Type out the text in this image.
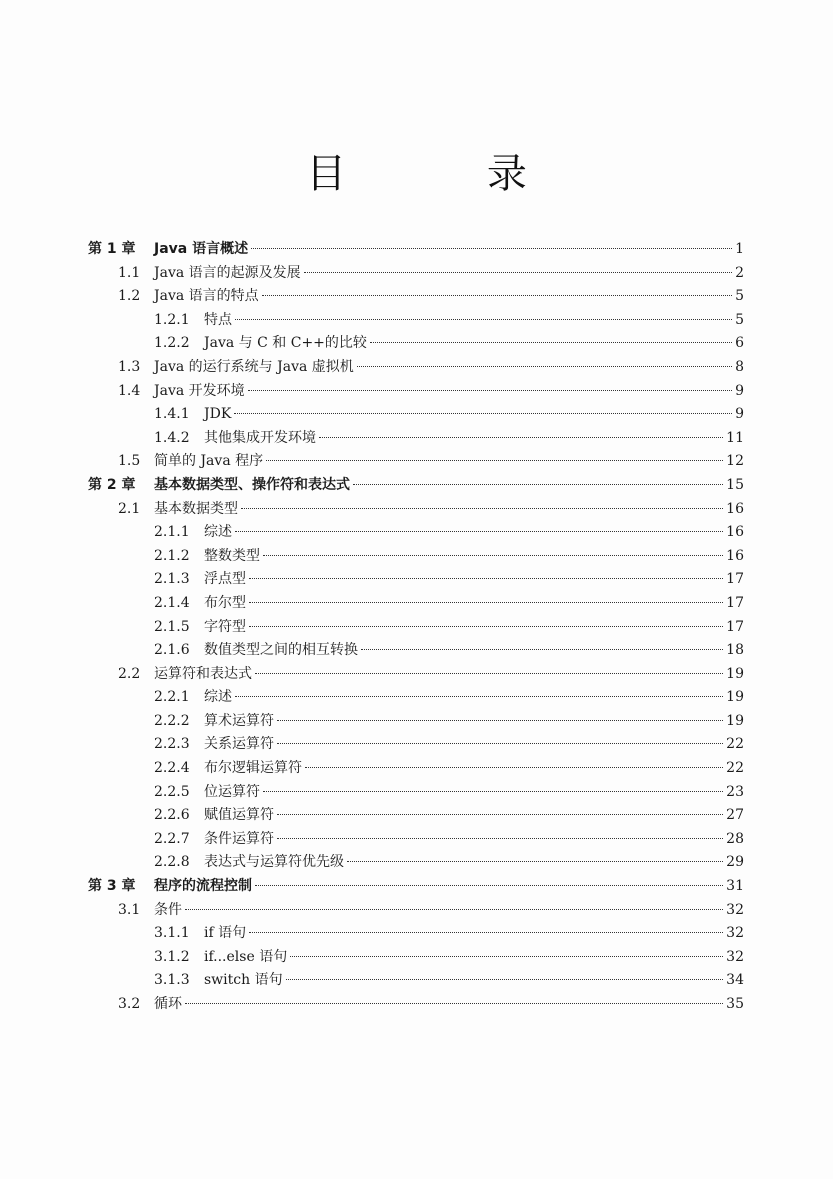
目 录
第 1 章	Java 语言概述	1
1.1 Java 语言的起源及发展	2
1.2 Java 语言的特点	5
1.2.1	特点	5
1.2.2	Java 与 C 和 C++的比较	6
1.3 Java 的运行系统与 Java 虚拟机	8
1.4 Java 开发环境	9
1.4.1	JDK	9
1.4.2	其他集成开发环境	11
1.5 简单的 Java 程序	12
第 2 章	基本数据类型、操作符和表达式	15
2.1 基本数据类型	16
2.1.1	综述	16
2.1.2	整数类型	16
2.1.3	浮点型	17
2.1.4	布尔型	17
2.1.5	字符型	17
2.1.6	数值类型之间的相互转换	18
2.2 运算符和表达式	19
2.2.1	综述	19
2.2.2	算术运算符	19
2.2.3	关系运算符	22
2.2.4	布尔逻辑运算符	22
2.2.5	位运算符	23
2.2.6	赋值运算符	27
2.2.7	条件运算符	28
2.2.8	表达式与运算符优先级	29
第 3 章	程序的流程控制	31
3.1 条件	32
3.1.1	if 语句	32
3.1.2	if...else 语句	32
3.1.3	switch 语句	34
3.2 循环	35
